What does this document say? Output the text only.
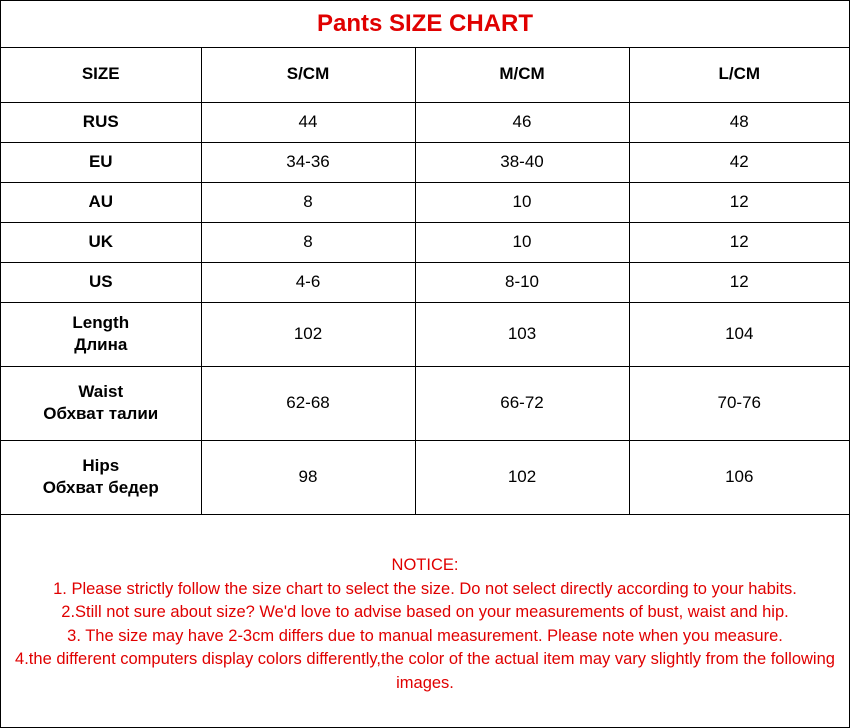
Pants SIZE CHART
SIZE	S/CM	M/CM	L/CM
RUS	44	46	48
EU	34-36	38-40	42
AU	8	10	12
UK	8	10	12
US	4-6	8-10	12

Length
Длина	102	103	104

Waist
Обхват талии	62-68	66-72	70-76

Hips
Обхват бедер	98	102	106
NOTICE:
1. Please strictly follow the size chart to select the size. Do not select directly according to your habits.
2.Still not sure about size? We'd love to advise based on your measurements of bust, waist and hip.
3. The size may have 2-3cm differs due to manual measurement. Please note when you measure.
4.the different computers display colors differently,the color of the actual item may vary slightly from the following images.
